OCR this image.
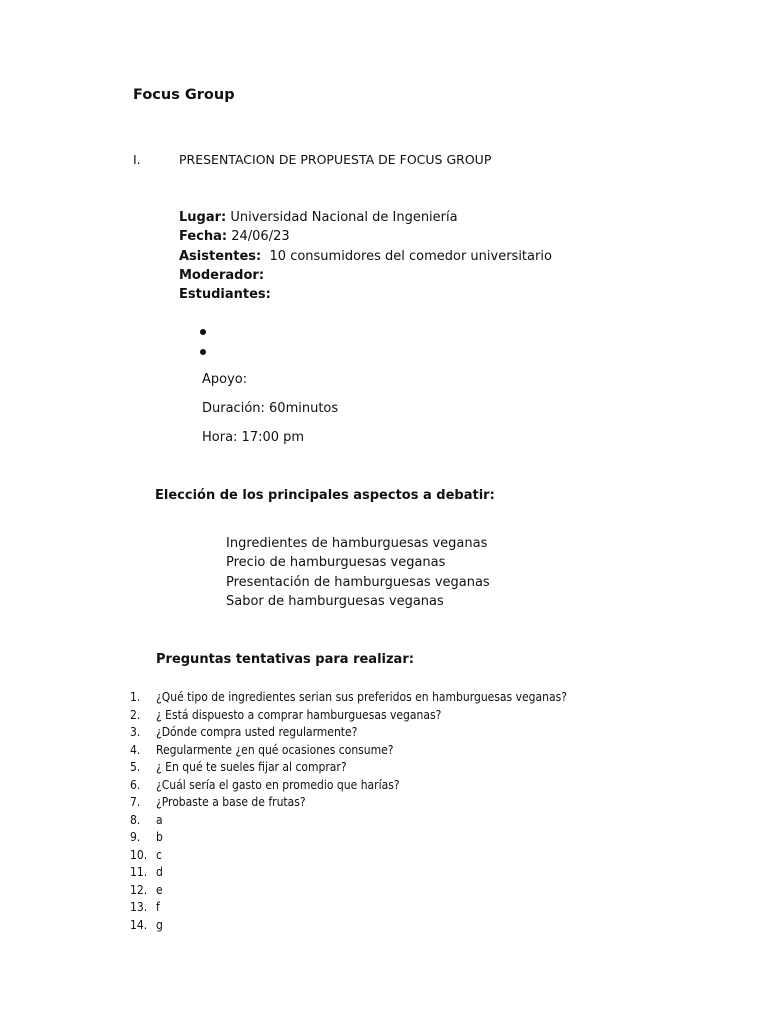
Focus Group
I.	PRESENTACION DE PROPUESTA DE FOCUS GROUP
Lugar: Universidad Nacional de Ingeniería
Fecha: 24/06/23
Asistentes:  10 consumidores del comedor universitario
Moderador:
Estudiantes:
Apoyo:
Duración: 60minutos
Hora: 17:00 pm
Elección de los principales aspectos a debatir:
Ingredientes de hamburguesas veganas
Precio de hamburguesas veganas
Presentación de hamburguesas veganas
Sabor de hamburguesas veganas
Preguntas tentativas para realizar:
1.	¿Qué tipo de ingredientes serian sus preferidos en hamburguesas veganas?
2.	¿ Está dispuesto a comprar hamburguesas veganas?
3.	¿Dónde compra usted regularmente?
4.	Regularmente ¿en qué ocasiones consume?
5.	¿ En qué te sueles fijar al comprar?
6.	¿Cuál sería el gasto en promedio que harías?
7.	¿Probaste a base de frutas?
8.	a
9.	b
10. c
11. d
12. e
13. f
14. g
